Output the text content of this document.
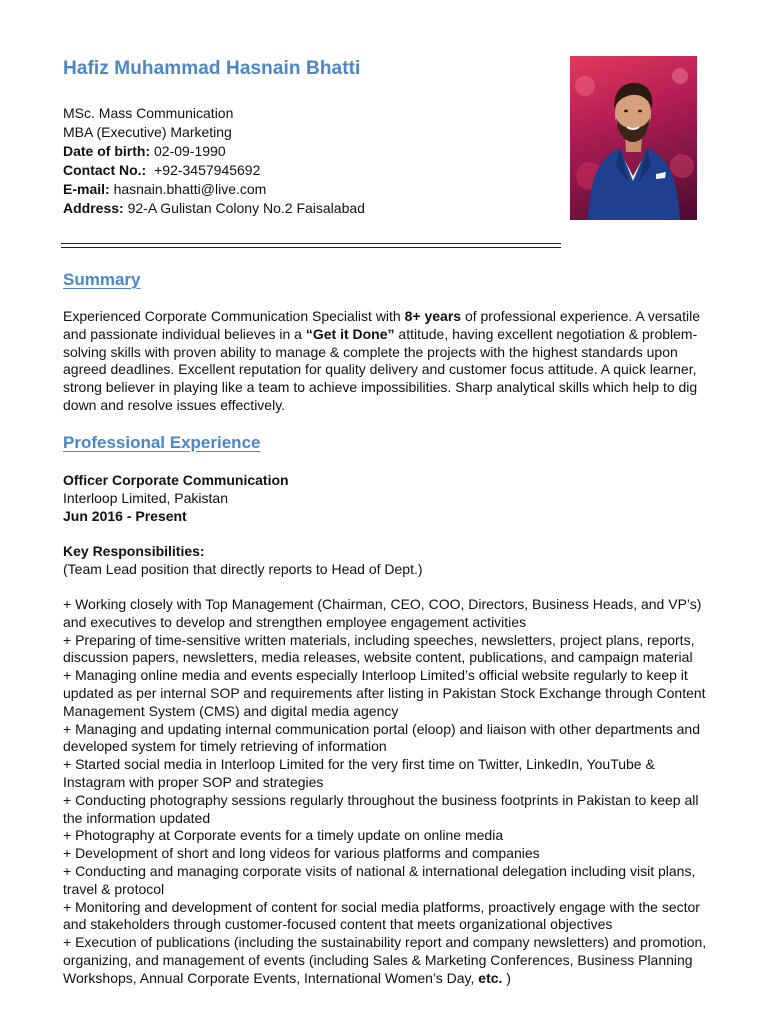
Hafiz Muhammad Hasnain Bhatti
MSc. Mass Communication
MBA (Executive) Marketing
Date of birth: 02-09-1990
Contact No.: +92-3457945692
E-mail: hasnain.bhatti@live.com
Address: 92-A Gulistan Colony No.2 Faisalabad
Summary
Experienced Corporate Communication Specialist with 8+ years of professional experience. A versatile and passionate individual believes in a “Get it Done” attitude, having excellent negotiation & problem-solving skills with proven ability to manage & complete the projects with the highest standards upon agreed deadlines. Excellent reputation for quality delivery and customer focus attitude. A quick learner, strong believer in playing like a team to achieve impossibilities. Sharp analytical skills which help to dig down and resolve issues effectively.
Professional Experience
Officer Corporate Communication
Interloop Limited, Pakistan
Jun 2016 - Present
Key Responsibilities:
(Team Lead position that directly reports to Head of Dept.)

+ Working closely with Top Management (Chairman, CEO, COO, Directors, Business Heads, and VP’s) and executives to develop and strengthen employee engagement activities

+ Preparing of time-sensitive written materials, including speeches, newsletters, project plans, reports, discussion papers, newsletters, media releases, website content, publications, and campaign material

+ Managing online media and events especially Interloop Limited’s official website regularly to keep it updated as per internal SOP and requirements after listing in Pakistan Stock Exchange through Content Management System (CMS) and digital media agency

+ Managing and updating internal communication portal (eloop) and liaison with other departments and developed system for timely retrieving of information

+ Started social media in Interloop Limited for the very first time on Twitter, LinkedIn, YouTube & Instagram with proper SOP and strategies

+ Conducting photography sessions regularly throughout the business footprints in Pakistan to keep all the information updated

+ Photography at Corporate events for a timely update on online media

+ Development of short and long videos for various platforms and companies

+ Conducting and managing corporate visits of national & international delegation including visit plans, travel & protocol

+ Monitoring and development of content for social media platforms, proactively engage with the sector and stakeholders through customer-focused content that meets organizational objectives

+ Execution of publications (including the sustainability report and company newsletters) and promotion, organizing, and management of events (including Sales & Marketing Conferences, Business Planning Workshops, Annual Corporate Events, International Women’s Day, etc. )
